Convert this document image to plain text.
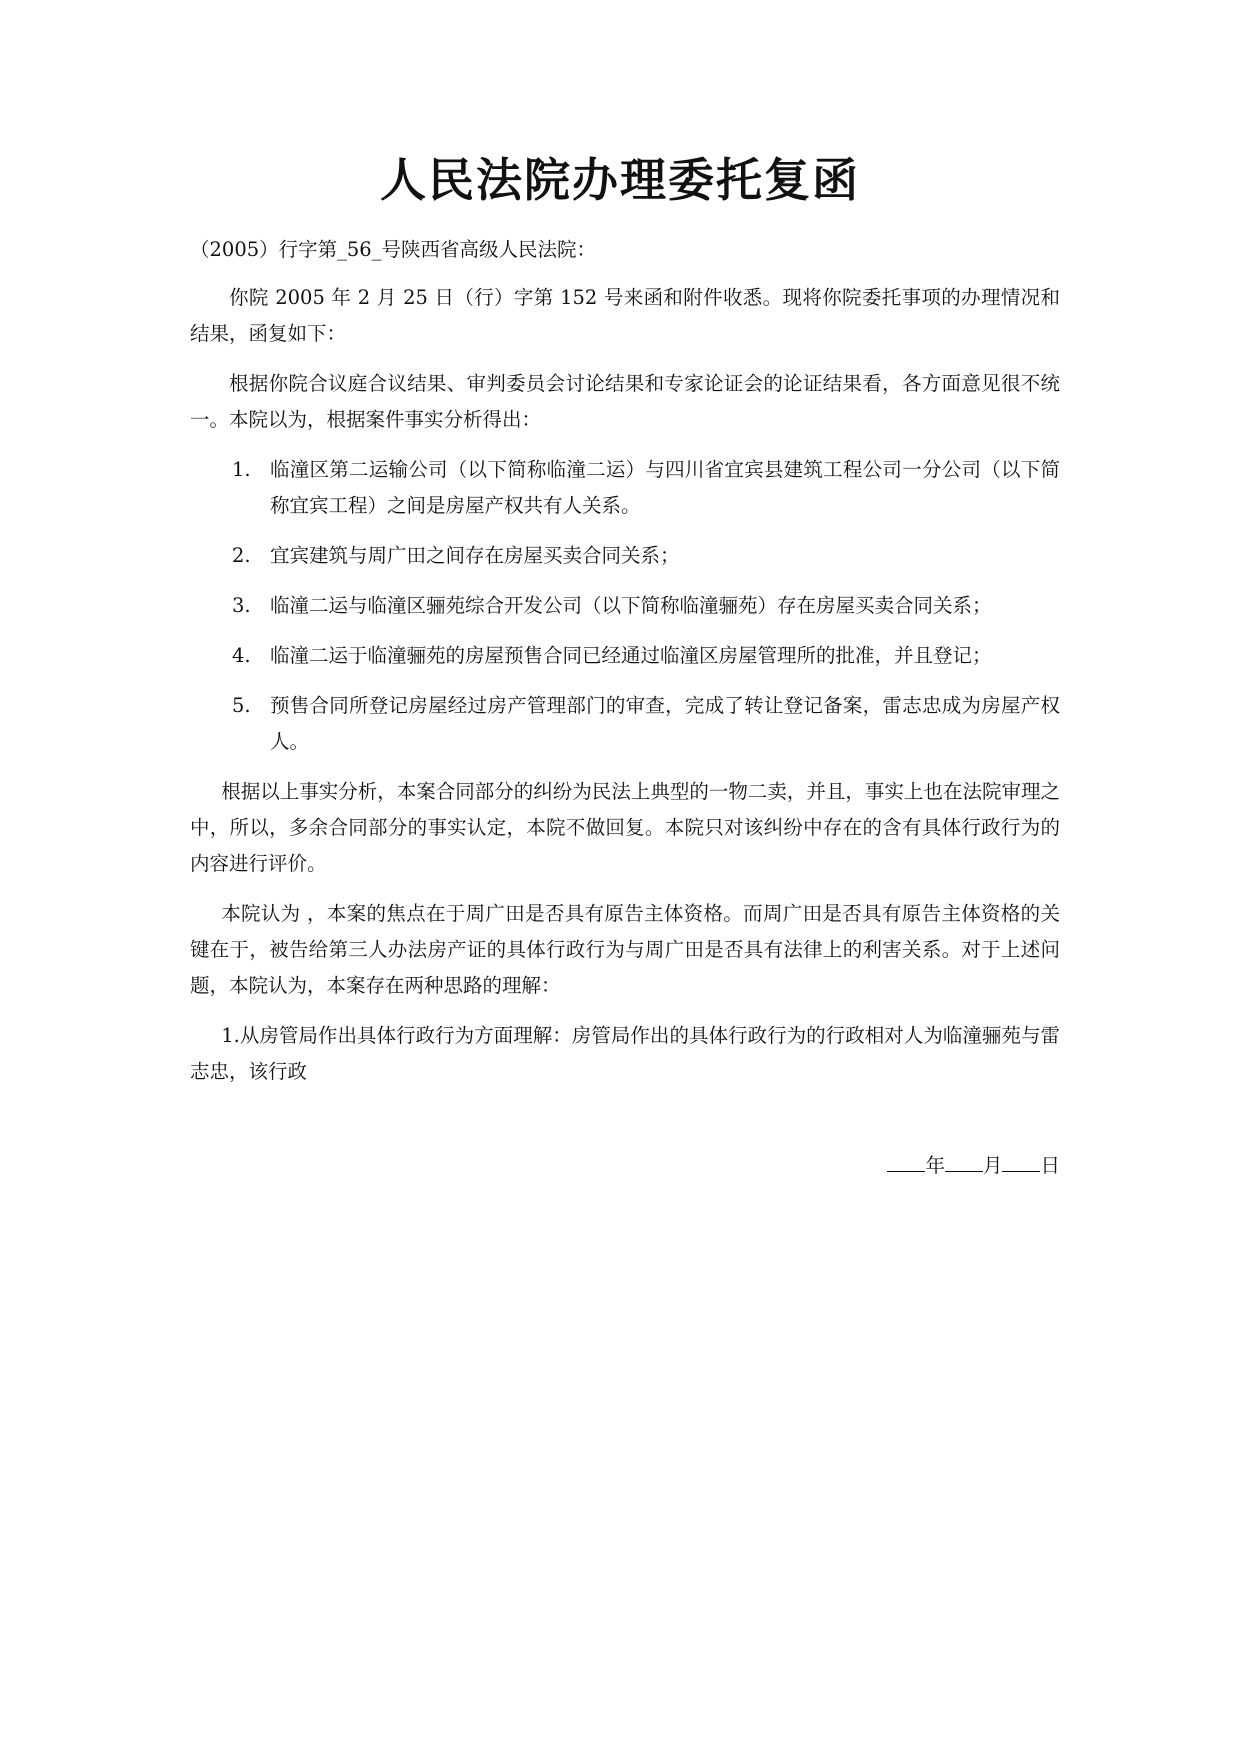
人民法院办理委托复函

（2005）行字第_56_号陕西省高级人民法院：

你院 2005 年 2 月 25 日（行）字第 152 号来函和附件收悉。现将你院委托事项的办理情况和结果，函复如下：

根据你院合议庭合议结果、审判委员会讨论结果和专家论证会的论证结果看，各方面意见很不统一。本院以为，根据案件事实分析得出：

1. 临潼区第二运输公司（以下简称临潼二运）与四川省宜宾县建筑工程公司一分公司（以下简称宜宾工程）之间是房屋产权共有人关系。
2. 宜宾建筑与周广田之间存在房屋买卖合同关系；
3. 临潼二运与临潼区骊苑综合开发公司（以下简称临潼骊苑）存在房屋买卖合同关系；
4. 临潼二运于临潼骊苑的房屋预售合同已经通过临潼区房屋管理所的批准，并且登记；
5. 预售合同所登记房屋经过房产管理部门的审查，完成了转让登记备案，雷志忠成为房屋产权人。

根据以上事实分析，本案合同部分的纠纷为民法上典型的一物二卖，并且，事实上也在法院审理之中，所以，多余合同部分的事实认定，本院不做回复。本院只对该纠纷中存在的含有具体行政行为的内容进行评价。

本院认为 ，本案的焦点在于周广田是否具有原告主体资格。而周广田是否具有原告主体资格的关键在于，被告给第三人办法房产证的具体行政行为与周广田是否具有法律上的利害关系。对于上述问题，本院认为，本案存在两种思路的理解：

1.从房管局作出具体行政行为方面理解：房管局作出的具体行政行为的行政相对人为临潼骊苑与雷志忠，该行政

年 月 日
